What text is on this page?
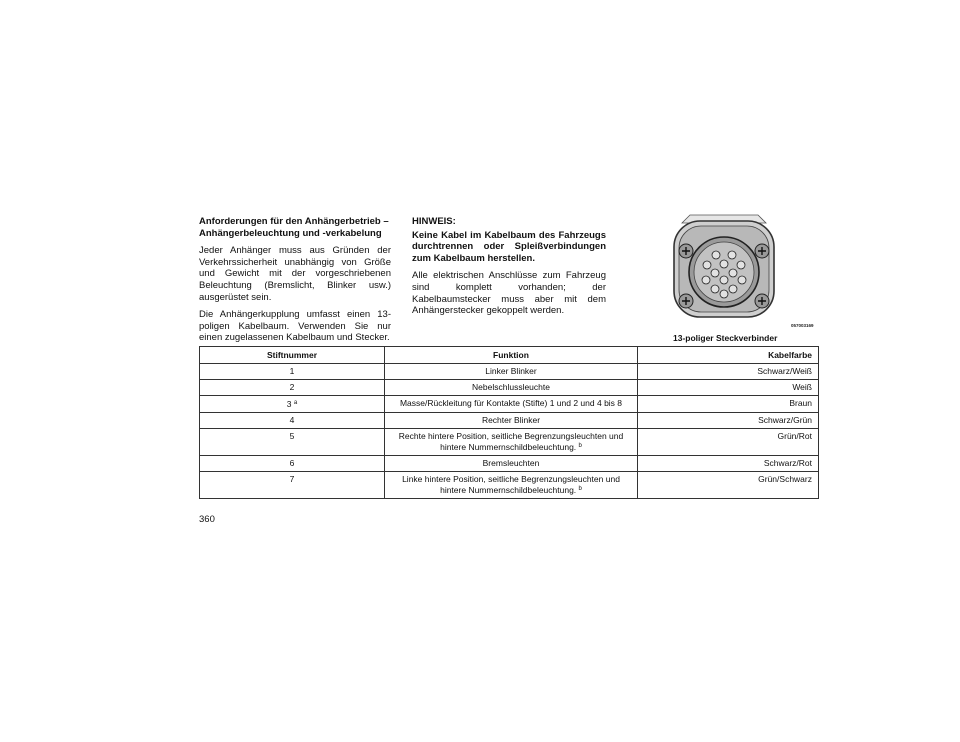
Anforderungen für den Anhängerbetrieb – Anhängerbeleuchtung und -verkabelung

Jeder Anhänger muss aus Gründen der Verkehrssicherheit unabhängig von Größe und Gewicht mit der vorgeschriebenen Beleuchtung (Bremslicht, Blinker usw.) ausgerüstet sein.

Die Anhängerkupplung umfasst einen 13-poligen Kabelbaum. Verwenden Sie nur einen zugelassenen Kabelbaum und Stecker.

HINWEIS:

Keine Kabel im Kabelbaum des Fahrzeugs durchtrennen oder Spleißverbindungen zum Kabelbaum herstellen.

Alle elektrischen Anschlüsse zum Fahrzeug sind komplett vorhanden; der Kabelbaumstecker muss aber mit dem Anhängerstecker gekoppelt werden.

057003169
13-poliger Steckverbinder
Stiftnummer	Funktion	Kabelfarbe
1	Linker Blinker	Schwarz/Weiß
2	Nebelschlussleuchte	Weiß
3 $^a$	Masse/Rückleitung für Kontakte (Stifte) 1 und 2 und 4 bis 8	Braun
4	Rechter Blinker	Schwarz/Grün
5	Rechte hintere Position, seitliche Begrenzungsleuchten und hintere Nummernschildbeleuchtung. $^b$	Grün/Rot
6	Bremsleuchten	Schwarz/Rot
7	Linke hintere Position, seitliche Begrenzungsleuchten und hintere Nummernschildbeleuchtung. $^b$	Grün/Schwarz
360
